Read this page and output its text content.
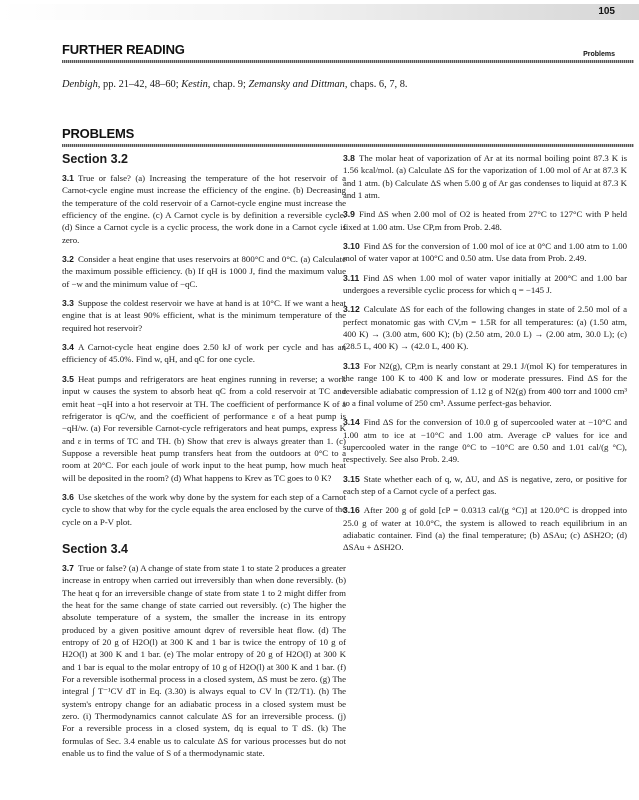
105
FURTHER READING	Problems
Denbigh, pp. 21–42, 48–60; Kestin, chap. 9; Zemansky and Dittman, chaps. 6, 7, 8.
PROBLEMS
Section 3.2
3.1 True or false? (a) Increasing the temperature of the hot reservoir of a Carnot-cycle engine must increase the efficiency of the engine. (b) Decreasing the temperature of the cold reservoir of a Carnot-cycle engine must increase the efficiency of the engine. (c) A Carnot cycle is by definition a reversible cycle. (d) Since a Carnot cycle is a cyclic process, the work done in a Carnot cycle is zero.
3.2 Consider a heat engine that uses reservoirs at 800°C and 0°C. (a) Calculate the maximum possible efficiency. (b) If qH is 1000 J, find the maximum value of −w and the minimum value of −qC.
3.3 Suppose the coldest reservoir we have at hand is at 10°C. If we want a heat engine that is at least 90% efficient, what is the minimum temperature of the required hot reservoir?
3.4 A Carnot-cycle heat engine does 2.50 kJ of work per cycle and has an efficiency of 45.0%. Find w, qH, and qC for one cycle.
3.5 Heat pumps and refrigerators are heat engines running in reverse; a work input w causes the system to absorb heat qC from a cold reservoir at TC and emit heat −qH into a hot reservoir at TH. The coefficient of performance K of a refrigerator is qC/w, and the coefficient of performance ε of a heat pump is −qH/w. (a) For reversible Carnot-cycle refrigerators and heat pumps, express K and ε in terms of TC and TH. (b) Show that εrev is always greater than 1. (c) Suppose a reversible heat pump transfers heat from the outdoors at 0°C to a room at 20°C. For each joule of work input to the heat pump, how much heat will be deposited in the room? (d) What happens to Krev as TC goes to 0 K?
3.6 Use sketches of the work wby done by the system for each step of a Carnot cycle to show that wby for the cycle equals the area enclosed by the curve of the cycle on a P-V plot.
Section 3.4
3.7 True or false? (a) A change of state from state 1 to state 2 produces a greater increase in entropy when carried out irreversibly than when done reversibly. (b) The heat q for an irreversible change of state from state 1 to 2 might differ from the heat for the same change of state carried out reversibly. (c) The higher the absolute temperature of a system, the smaller the increase in its entropy produced by a given positive amount dqrev of reversible heat flow. (d) The entropy of 20 g of H2O(l) at 300 K and 1 bar is twice the entropy of 10 g of H2O(l) at 300 K and 1 bar. (e) The molar entropy of 20 g of H2O(l) at 300 K and 1 bar is equal to the molar entropy of 10 g of H2O(l) at 300 K and 1 bar. (f) For a reversible isothermal process in a closed system, ΔS must be zero. (g) The integral ∫ T⁻¹CV dT in Eq. (3.30) is always equal to CV ln (T2/T1). (h) The system's entropy change for an adiabatic process in a closed system must be zero. (i) Thermodynamics cannot calculate ΔS for an irreversible process. (j) For a reversible process in a closed system, dq is equal to T dS. (k) The formulas of Sec. 3.4 enable us to calculate ΔS for various processes but do not enable us to find the value of S of a thermodynamic state.
3.8 The molar heat of vaporization of Ar at its normal boiling point 87.3 K is 1.56 kcal/mol. (a) Calculate ΔS for the vaporization of 1.00 mol of Ar at 87.3 K and 1 atm. (b) Calculate ΔS when 5.00 g of Ar gas condenses to liquid at 87.3 K and 1 atm.
3.9 Find ΔS when 2.00 mol of O2 is heated from 27°C to 127°C with P held fixed at 1.00 atm. Use CP,m from Prob. 2.48.
3.10 Find ΔS for the conversion of 1.00 mol of ice at 0°C and 1.00 atm to 1.00 mol of water vapor at 100°C and 0.50 atm. Use data from Prob. 2.49.
3.11 Find ΔS when 1.00 mol of water vapor initially at 200°C and 1.00 bar undergoes a reversible cyclic process for which q = −145 J.
3.12 Calculate ΔS for each of the following changes in state of 2.50 mol of a perfect monatomic gas with CV,m = 1.5R for all temperatures: (a) (1.50 atm, 400 K) → (3.00 atm, 600 K); (b) (2.50 atm, 20.0 L) → (2.00 atm, 30.0 L); (c) (28.5 L, 400 K) → (42.0 L, 400 K).
3.13 For N2(g), CP,m is nearly constant at 29.1 J/(mol K) for temperatures in the range 100 K to 400 K and low or moderate pressures. Find ΔS for the reversible adiabatic compression of 1.12 g of N2(g) from 400 torr and 1000 cm³ to a final volume of 250 cm³. Assume perfect-gas behavior.
3.14 Find ΔS for the conversion of 10.0 g of supercooled water at −10°C and 1.00 atm to ice at −10°C and 1.00 atm. Average cP values for ice and supercooled water in the range 0°C to −10°C are 0.50 and 1.01 cal/(g °C), respectively. See also Prob. 2.49.
3.15 State whether each of q, w, ΔU, and ΔS is negative, zero, or positive for each step of a Carnot cycle of a perfect gas.
3.16 After 200 g of gold [cP = 0.0313 cal/(g °C)] at 120.0°C is dropped into 25.0 g of water at 10.0°C, the system is allowed to reach equilibrium in an adiabatic container. Find (a) the final temperature; (b) ΔSAu; (c) ΔSH2O; (d) ΔSAu + ΔSH2O.
